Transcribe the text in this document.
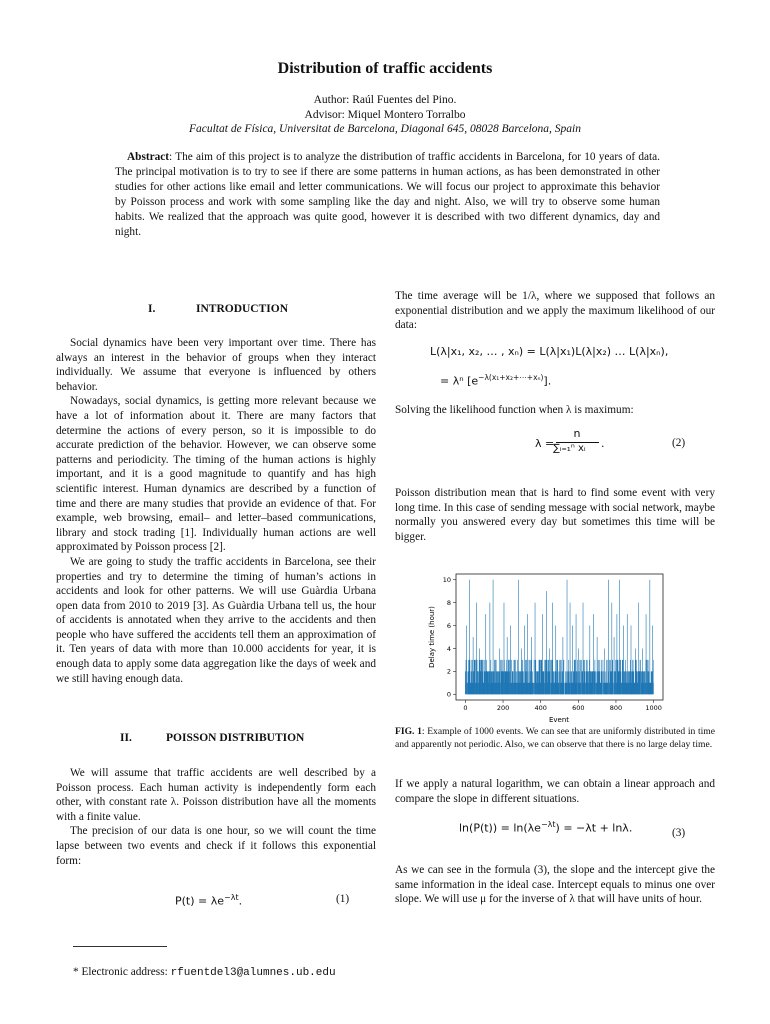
Distribution of traffic accidents
Author: Raúl Fuentes del Pino.
Advisor: Miquel Montero Torralbo
Facultat de Física, Universitat de Barcelona, Diagonal 645, 08028 Barcelona, Spain
Abstract: The aim of this project is to analyze the distribution of traffic accidents in Barcelona, for 10 years of data. The principal motivation is to try to see if there are some patterns in human actions, as has been demonstrated in other studies for other actions like email and letter communications. We will focus our project to approximate this behavior by Poisson process and work with some sampling like the day and night. Also, we will try to observe some human habits. We realized that the approach was quite good, however it is described with two different dynamics, day and night.
I.	INTRODUCTION

Social dynamics have been very important over time. There has always an interest in the behavior of groups when they interact individually. We assume that everyone is influenced by others behavior.

Nowadays, social dynamics, is getting more relevant because we have a lot of information about it. There are many factors that determine the actions of every person, so it is impossible to do accurate prediction of the behavior. However, we can observe some patterns and periodicity. The timing of the human actions is highly important, and it is a good magnitude to quantify and has high scientific interest. Human dynamics are described by a function of time and there are many studies that provide an evidence of that. For example, web browsing, email– and letter–based communications, library and stock trading [1]. Individually human actions are well approximated by Poisson process [2].

We are going to study the traffic accidents in Barcelona, see their properties and try to determine the timing of human’s actions in accidents and look for other patterns. We will use Guàrdia Urbana open data from 2010 to 2019 [3]. As Guàrdia Urbana tell us, the hour of accidents is annotated when they arrive to the accidents and then people who have suffered the accidents tell them an approximation of it. Ten years of data with more than 10.000 accidents for year, it is enough data to apply some data aggregation like the days of week and we still having enough data.

II.	POISSON DISTRIBUTION

We will assume that traffic accidents are well described by a Poisson process. Each human activity is independently form each other, with constant rate λ. Poisson distribution have all the moments with a finite value.

The precision of our data is one hour, so we will count the time lapse between two events and check if it follows this exponential form:

$P(t) = \lambda e^{-\lambda t}$.	(1)
* Electronic address: rfuentdel3@alumnes.ub.edu

The time average will be 1/λ, where we supposed that follows an exponential distribution and we apply the maximum likelihood of our data:

L(λ|x₁, x₂, … , xₙ) = L(λ|x₁)L(λ|x₂) … L(λ|xₙ),
= λⁿ $[e^{-\lambda(x_1+x_2+\cdots+x_n)}]$.

Solving the likelihood function when λ is maximum:

λ =
n
∑ᵢ₌₁ⁿ xᵢ .	(2)

Poisson distribution mean that is hard to find some event with very long time. In this case of sending message with social network, maybe normally you answered every day but sometimes this time will be bigger.

0	200	400	600	800	1000
0
2
4
6
8
10
Event
Delay time (hour)
FIG. 1: Example of 1000 events. We can see that are uniformly distributed in time and apparently not periodic. Also, we can observe that there is no large delay time.

If we apply a natural logarithm, we can obtain a linear approach and compare the slope in different situations.

$\ln(P(t)) = \ln(\lambda e^{-\lambda t}) = -\lambda t + \ln\lambda$.	(3)

As we can see in the formula (3), the slope and the intercept give the same information in the ideal case. Intercept equals to minus one over slope. We will use μ for the inverse of λ that will have units of hour.
